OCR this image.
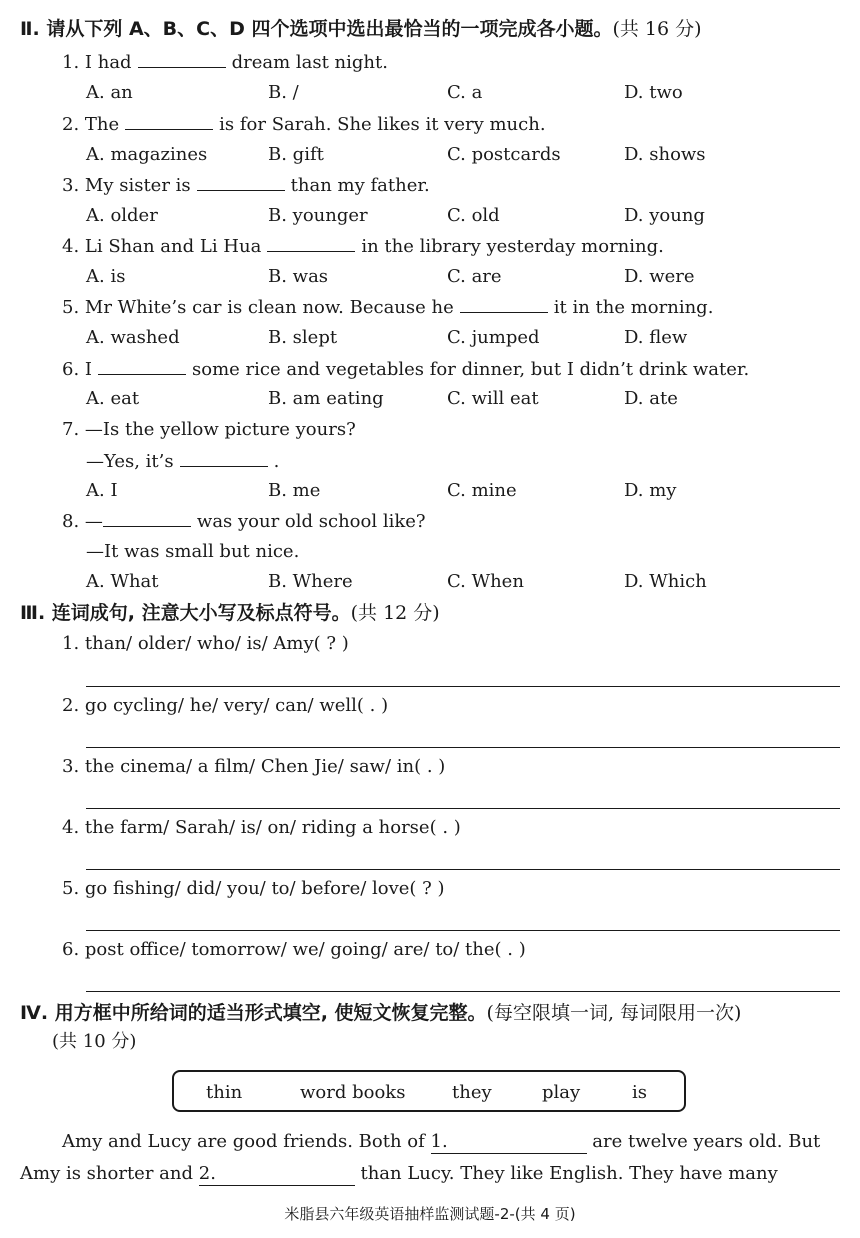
Ⅱ. 请从下列 A、B、C、D 四个选项中选出最恰当的一项完成各小题。(共 16 分)
1. I had	dream last night.
A. an	B. /	C. a	D. two
2. The	is for Sarah. She likes it very much.
A. magazines	B. gift	C. postcards	D. shows
3. My sister is	than my father.
A. older	B. younger	C. old	D. young
4. Li Shan and Li Hua	in the library yesterday morning.
A. is	B. was	C. are	D. were
5. Mr White’s car is clean now. Because he	it in the morning.
A. washed	B. slept	C. jumped	D. flew
6. I	some rice and vegetables for dinner, but I didn’t drink water.
A. eat	B. am eating	C. will eat	D. ate
7. —Is the yellow picture yours?
—Yes, it’s	.
A. I	B. me	C. mine	D. my
8. —	was your old school like?
—It was small but nice.
A. What	B. Where	C. When	D. Which
Ⅲ. 连词成句, 注意大小写及标点符号。(共 12 分)
1. than/ older/ who/ is/ Amy( ? )
2. go cycling/ he/ very/ can/ well( . )
3. the cinema/ a film/ Chen Jie/ saw/ in( . )
4. the farm/ Sarah/ is/ on/ riding a horse( . )
5. go fishing/ did/ you/ to/ before/ love( ? )
6. post office/ tomorrow/ we/ going/ are/ to/ the( . )
Ⅳ. 用方框中所给词的适当形式填空, 使短文恢复完整。(每空限填一词, 每词限用一次)
(共 10 分)
thin	word books	they	play	is
Amy and Lucy are good friends. Both of 1.	are twelve years old. But
Amy is shorter and 2.	than Lucy. They like English. They have many
米脂县六年级英语抽样监测试题-2-(共 4 页)
